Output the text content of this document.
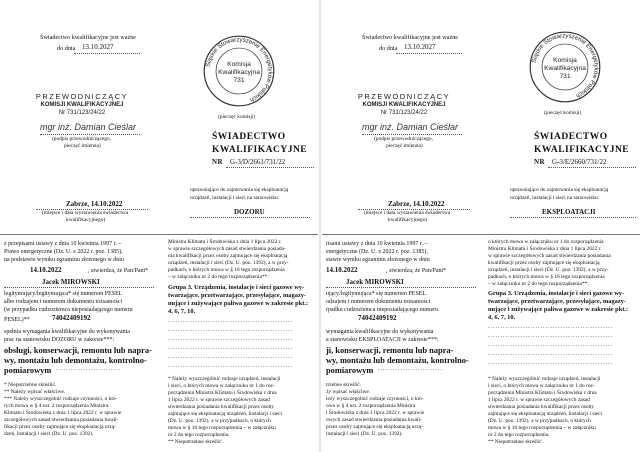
Świadectwo kwalifikacyjne jest ważne
do dnia 13.10.2027
PRZEWODNICZĄCY
KOMISJI KWALIFIKACYJNEJ
Nr 731/123/24/22
mgr inż. Damian Cieślar
(podpis przewodniczącego,
pieczęć imienna)
Śląskie Stowarzyszenie Energetyków Polskich
Komisja
Kwalifikacyjna
731
(pieczęć komisji)
ŚWIADECTWO
KWALIFIKACYJNE
NR G-3/D/2661/731/22
Zabrze, 14.10.2022
(miejsce i data wystawienia świadectwa
kwalifikacyjnego)
uprawniające do zajmowania się eksploatacją
urządzeń, instalacji i sieci na stanowisku:
DOZORU
z przepisami ustawy z dnia 10 kwietnia 1997 r. –
Prawo energetyczne (Dz. U. z 2022 r. poz. 1385),
na podstawie wyniku egzaminu złożonego w dniu
14.10.2022	, stwierdza, że Pan/Pani*
Jacek MIROWSKI
legitymujący/legitymująca* się numerem PESEL
albo rodzajem i numerem dokumentu tożsamości
(w przypadku cudzoziemca nieposiadającego numeru
PESEL)**	74042409192
spełnia wymagania kwalifikacyjne do wykonywania
prac na stanowisku DOZORU w zakresie***:
obsługi, konserwacji, remontu lub napra-
wy, montażu lub demontażu, kontrolno-
pomiarowym ..........................
* Niepotrzebne skreślić.
** Należy wpisać właściwe.
*** Należy wyszczególnić rodzaje czynności, o któ-
rych mowa w § 4 ust. 2 rozporządzenia Ministra
Klimatu i Środowiska z dnia 1 lipca 2022 r. w sprawie
szczegółowych zasad stwierdzania posiadania kwali-
fikacji przez osoby zajmujące się eksploatacją urzą-
dzeń, instalacji i sieci (Dz. U. poz. 1392).
Ministra Klimatu i Środowiska z dnia 1 lipca 2022 r.
w sprawie szczegółowych zasad stwierdzania posiada-
nia kwalifikacji przez osoby zajmujące się eksploatacją
urządzeń, instalacji i sieci (Dz. U. poz. 1392), a w przy-
padkach, o których mowa w § 16 tego rozporządzenia
– w załączniku nr 2 do tego rozporządzenia**:
Grupa 3. Urządzenia, instalacje i sieci gazowe wy-
twarzające, przetwarzające, przesyłające, magazy-
nujące i zużywające paliwa gazowe w zakresie pkt.:
4, 6, 7, 10.
..................................................
..................................................
..................................................
..................................................
..................................................
..................................................
* Należy wyszczególnić rodzaje urządzeń, instalacji
i sieci, o których mowa w załączniku nr 1 do roz-
porządzenia Ministra Klimatu i Środowiska z dnia
1 lipca 2022 r. w sprawie szczegółowych zasad
stwierdzania posiadania kwalifikacji przez osoby
zajmujące się eksploatacją urządzeń, instalacji i sieci
(Dz. U. poz. 1392), a w przypadkach, o których
mowa w § 16 tego rozporządzenia – w załączniku
nr 2 do tego rozporządzenia.
** Niepotrzebne skreślić.
Świadectwo kwalifikacyjne jest ważne
do dnia 13.10.2027
PRZEWODNICZĄCY
KOMISJI KWALIFIKACYJNEJ
Nr 731/123/24/22
mgr inż. Damian Cieślar
(podpis przewodniczącego,
pieczęć imienna)
Śląskie Stowarzyszenie Energetyków Polskich
Komisja
Kwalifikacyjna
731
(pieczęć komisji)
ŚWIADECTWO
KWALIFIKACYJNE
NR G-3/E/2660/731/22
Zabrze, 14.10.2022
(miejsce i data wystawienia świadectwa
kwalifikacyjnego)
uprawniające do zajmowania się eksploatacją
urządzeń, instalacji i sieci na stanowisku:
EKSPLOATACJI
iisami ustawy z dnia 10 kwietnia 1997 r. –
energetyczne (Dz. U. z 2022 r. poz. 1385),
stawie wyniku egzaminu złożonego w dniu
14.10.2022	, stwierdza, że Pan/Pani*
Jacek MIROWSKI
ujący/legitymująca* się numerem PESEL
odzajem i numerem dokumentu tożsamości
rpadku cudzoziemca nieposiadającego numeru
74042409192
wymagania kwalifikacyjne do wykonywania
a stanowisku EKSPLOATACJI w zakresie***:
ji, konserwacji, remontu lub napra-
wy, montażu lub demontażu, kontrolno-
pomiarowym ..........................
trzebne skreślić.
ży wpisać właściwe.
leży wyszczególnić rodzaje czynności, o któ-
owa w § 4 ust. 2 rozporządzenia Ministra
i Środowiska z dnia 1 lipca 2022 r. w sprawie
owych zasad stwierdzania posiadania kwali-
przez osoby zajmujące się eksploatacją urzą-
instalacji i sieci (Dz. U. poz. 1392).
o których mowa w załączniku nr 1 do rozporządzenia
Ministra Klimatu i Środowiska z dnia 1 lipca 2022 r.
w sprawie szczegółowych zasad stwierdzania posiadania
kwalifikacji przez osoby zajmujące się eksploatacją
urządzeń, instalacji i sieci (Dz. U. poz. 1392), a w przy-
padkach, o których mowa w § 16 tego rozporządzenia
– w załączniku nr 2 do tego rozporządzenia**:
Grupa 3. Urządzenia, instalacje i sieci gazowe wy-
twarzające, przetwarzające, przesyłające, magazy-
nujące i zużywające paliwa gazowe w zakresie pkt.:
4, 6, 7, 10.
..................................................
..................................................
..................................................
..................................................
..................................................
* Należy wyszczególnić rodzaje urządzeń, instalacji
i sieci, o których mowa w załączniku nr 1 do roz-
porządzenia Ministra Klimatu i Środowiska z dnia
1 lipca 2022 r. w sprawie szczegółowych zasad
stwierdzania posiadania kwalifikacji przez osoby
zajmujące się eksploatacją urządzeń, instalacji i sieci
(Dz. U. poz. 1392), a w przypadkach, o których
mowa w § 16 tego rozporządzenia – w załączniku
nr 2 do tego rozporządzenia.
** Niepotrzebne skreślić.
